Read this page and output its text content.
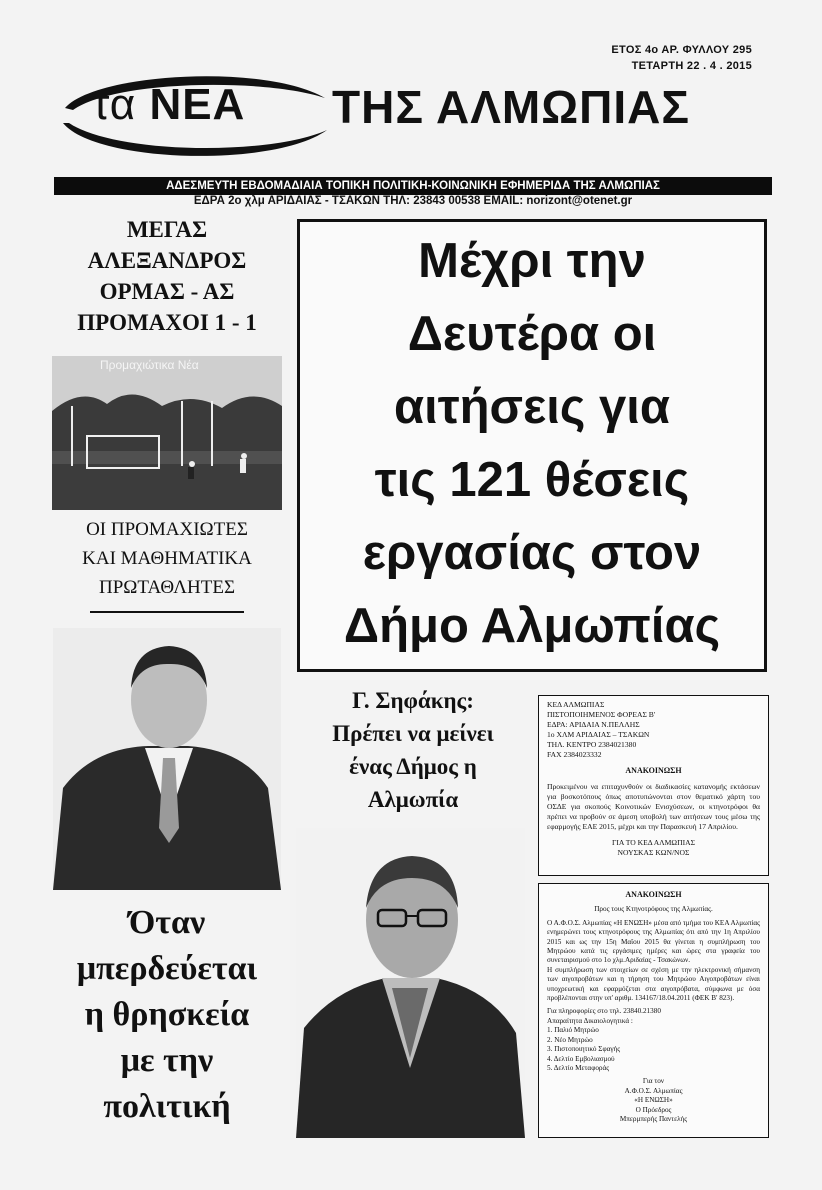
ΕΤΟΣ 4ο ΑΡ. ΦΥΛΛΟΥ 295
ΤΕΤΑΡΤΗ 22 . 4 . 2015
τα ΝΕΑ ΤΗΣ ΑΛΜΩΠΙΑΣ
ΑΔΕΣΜΕΥΤΗ ΕΒΔΟΜΑΔΙΑΙΑ ΤΟΠΙΚΗ ΠΟΛΙΤΙΚΗ-ΚΟΙΝΩΝΙΚΗ ΕΦΗΜΕΡΙΔΑ ΤΗΣ ΑΛΜΩΠΙΑΣ
ΕΔΡΑ 2ο χλμ ΑΡΙΔΑΙΑΣ - ΤΣΑΚΩΝ ΤΗΛ: 23843 00538 EMAIL: norizont@otenet.gr
ΜΕΓΑΣ
ΑΛΕΞΑΝΔΡΟΣ
ΟΡΜΑΣ - ΑΣ
ΠΡΟΜΑΧΟΙ 1 - 1
Προμαχιώτικα Νέα
ΟΙ ΠΡΟΜΑΧΙΩΤΕΣ
ΚΑΙ ΜΑΘΗΜΑΤΙΚΑ
ΠΡΩΤΑΘΛΗΤΕΣ
Όταν
μπερδεύεται
η θρησκεία
με την
πολιτική
Μέχρι την
Δευτέρα οι
αιτήσεις για
τις 121 θέσεις
εργασίας στον
Δήμο Αλμωπίας
Γ. Σηφάκης:
Πρέπει να μείνει
ένας Δήμος η
Αλμωπία

ΚΕΔ ΑΛΜΩΠΙΑΣ

ΠΙΣΤΟΠΟΙΗΜΕΝΟΣ ΦΟΡΕΑΣ Β'

ΕΔΡΑ: ΑΡΙΔΑΙΑ Ν.ΠΕΛΛΗΣ

1ο ΧΛΜ ΑΡΙΔΑΙΑΣ – ΤΣΑΚΩΝ

ΤΗΛ. ΚΕΝΤΡΟ 2384021380

FAX 2384023332

ΑΝΑΚΟΙΝΩΣΗ

Προκειμένου να επιταχυνθούν οι διαδικασίες κατανομής εκτάσεων για βοσκοτόπους όπως αποτυπώνονται στον θεματικό χάρτη του ΟΣΔΕ για σκοπούς Κοινοτικών Ενισχύσεων, οι κτηνοτρόφοι θα πρέπει να προβούν σε άμεση υποβολή των αιτήσεων τους μέσω της εφαρμογής ΕΑΕ 2015, μέχρι και την Παρασκευή 17 Απριλίου.

ΓΙΑ ΤΟ ΚΕΔ ΑΛΜΩΠΙΑΣ

ΝΟΥΣΚΑΣ ΚΩΝ/ΝΟΣ

ΑΝΑΚΟΙΝΩΣΗ

Προς τους Κτηνοτρόφους της Αλμωπίας.

Ο Α.Φ.Ο.Σ. Αλμωπίας «Η ΕΝΩΣΗ» μέσα από τμήμα του ΚΕΑ Αλμωπίας ενημερώνει τους κτηνοτρόφους της Αλμωπίας ότι από την 1η Απριλίου 2015 και ως την 15η Μαΐου 2015 θα γίνεται η συμπλήρωση του Μητρώου κατά τις εργάσιμες ημέρες και ώρες στα γραφεία του συνεταιρισμού στο 1ο χλμ.Αριδαίας - Τσακώνων.

Η συμπλήρωση των στοιχείων σε σχέση με την ηλεκτρονική σήμανση των αιγοπροβάτων και η τήρηση του Μητρώου Αιγοπροβάτων είναι υποχρεωτική και εφαρμόζεται στα αιγοπρόβατα, σύμφωνα με όσα προβλέπονται στην υπ' αριθμ. 134167/18.04.2011 (ΦΕΚ Β' 823).

Για πληροφορίες στο τηλ. 23840.21380

Απαραίτητα Δικαιολογητικά :

1. Παλιό Μητρώο

2. Νέο Μητρώο

3. Πιστοποιητικό Σφαγής

4. Δελτίο Εμβολιασμού

5. Δελτίο Μεταφοράς

Για τον

Α.Φ.Ο.Σ. Αλμωπίας

«Η ΕΝΩΣΗ»

Ο Πρόεδρος

Μπερμπερής Παντελής
